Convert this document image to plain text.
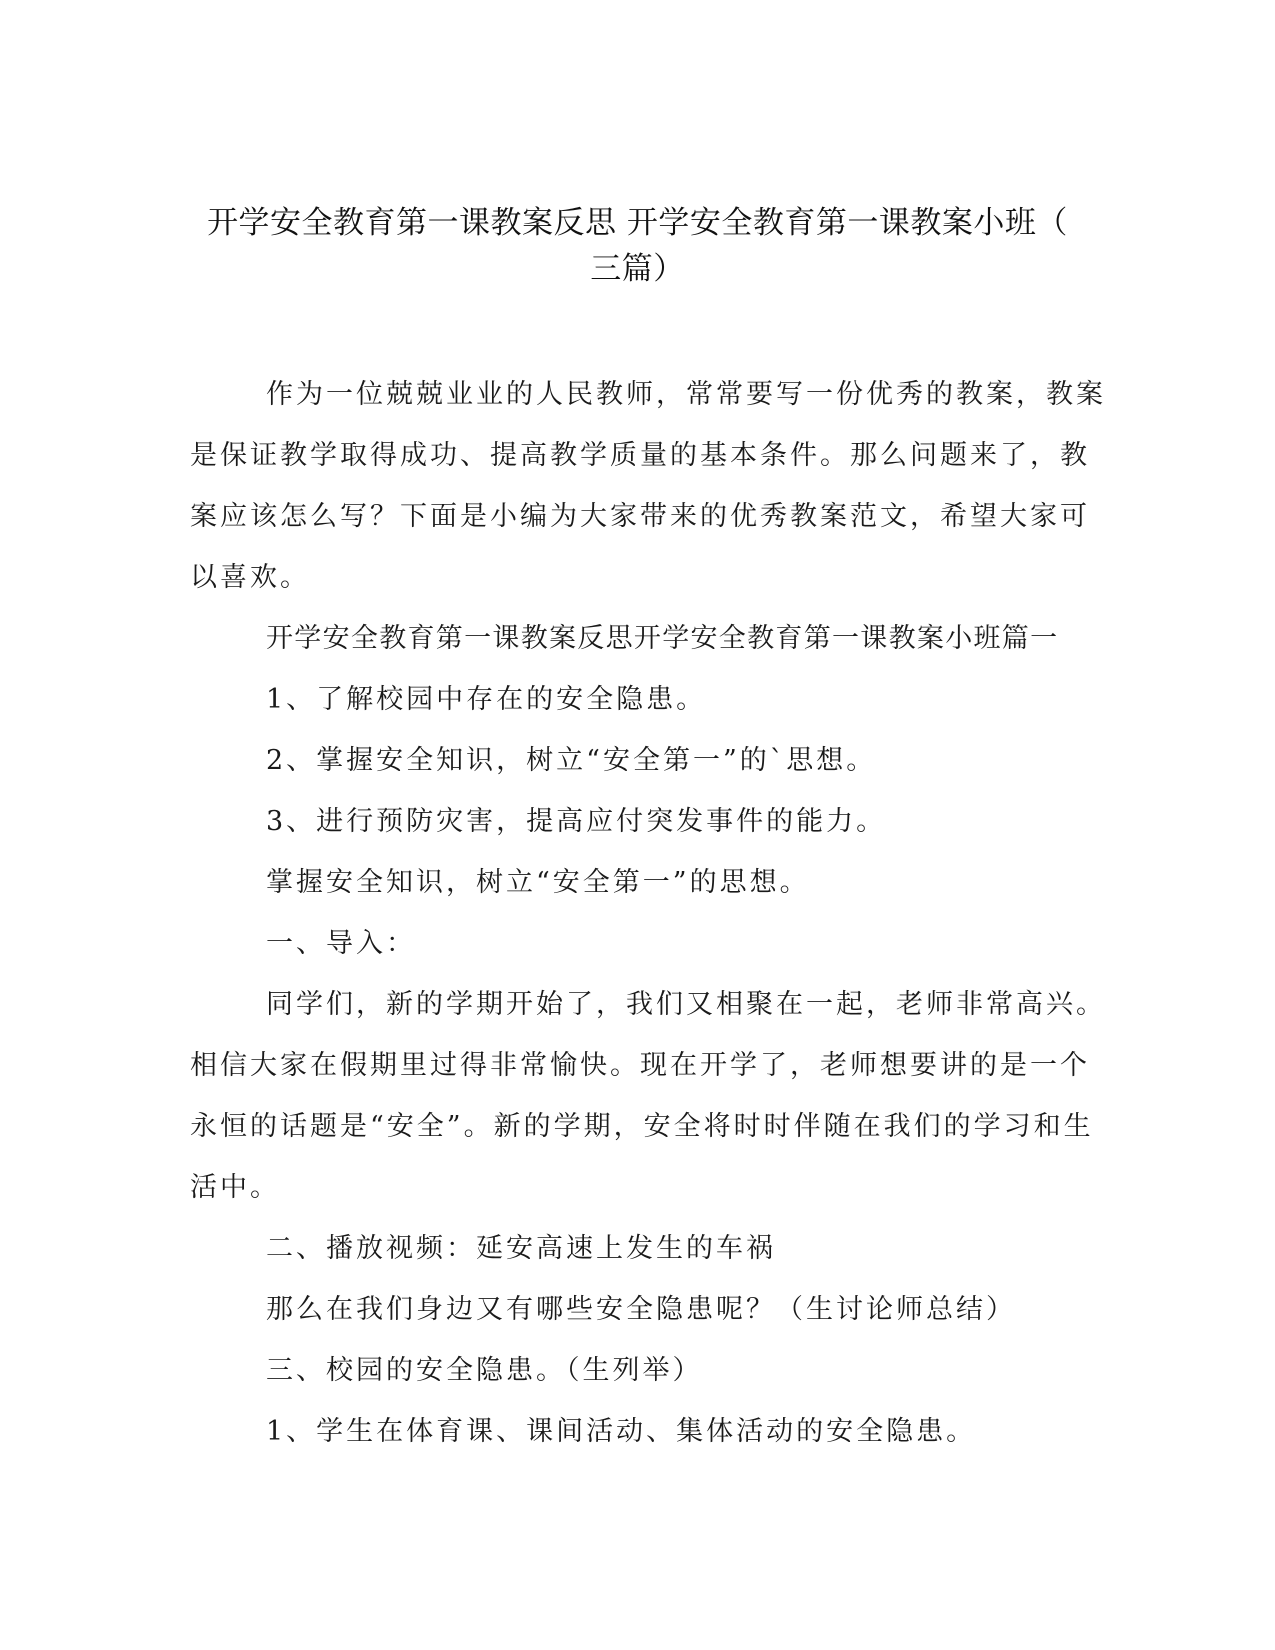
开学安全教育第一课教案反思 开学安全教育第一课教案小班（
三篇）
作为一位兢兢业业的人民教师，常常要写一份优秀的教案，教案
是保证教学取得成功、提高教学质量的基本条件。那么问题来了，教
案应该怎么写？下面是小编为大家带来的优秀教案范文，希望大家可
以喜欢。

开学安全教育第一课教案反思开学安全教育第一课教案小班篇一

1、了解校园中存在的安全隐患。

2、掌握安全知识，树立“安全第一”的`思想。

3、进行预防灾害，提高应付突发事件的能力。

掌握安全知识，树立“安全第一”的思想。

一、导入：

同学们，新的学期开始了，我们又相聚在一起，老师非常高兴。
相信大家在假期里过得非常愉快。现在开学了，老师想要讲的是一个
永恒的话题是“安全”。新的学期，安全将时时伴随在我们的学习和生
活中。

二、播放视频：延安高速上发生的车祸

那么在我们身边又有哪些安全隐患呢？（生讨论师总结）

三、校园的安全隐患。（生列举）

1、学生在体育课、课间活动、集体活动的安全隐患。
